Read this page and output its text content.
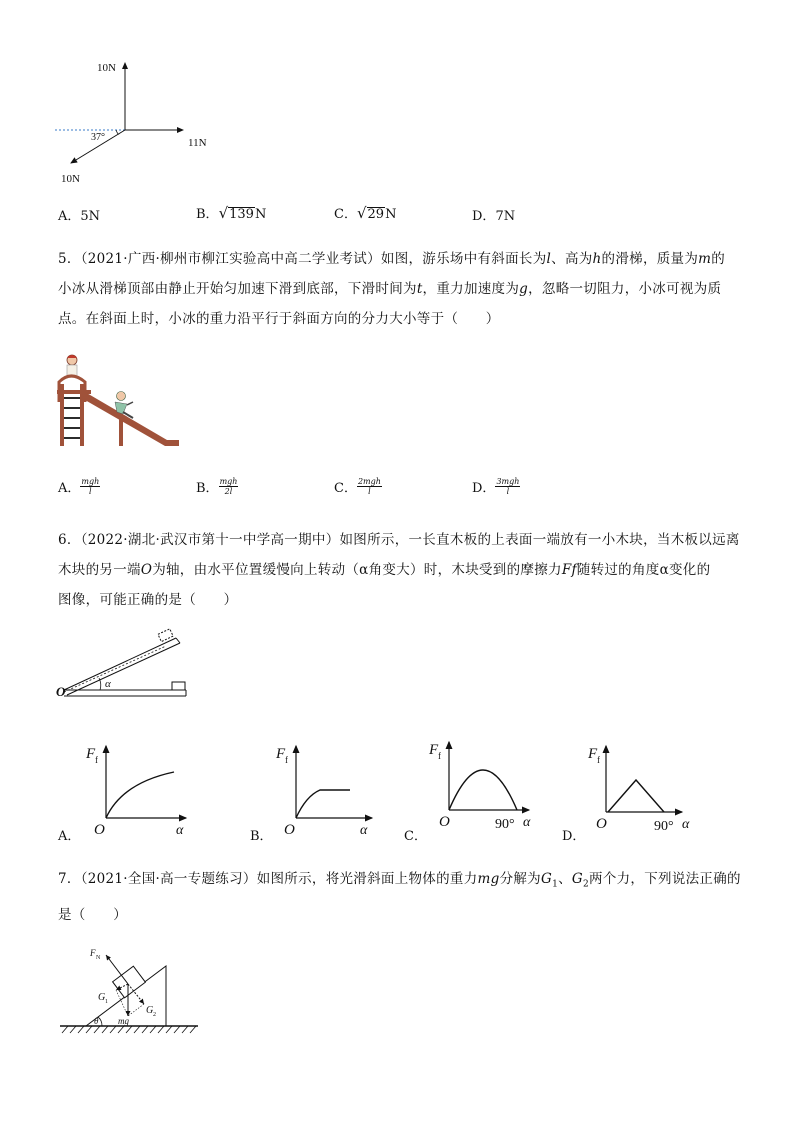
10N
11N
10N
37°
A．5N	B．√139N	C．√29N	D．7N
5．（2021·广西·柳州市柳江实验高中高二学业考试）如图，游乐场中有斜面长为l、高为h的滑梯，质量为m的
小冰从滑梯顶部由静止开始匀加速下滑到底部，下滑时间为t，重力加速度为g，忽略一切阻力，小冰可视为质
点。在斜面上时，小冰的重力沿平行于斜面方向的分力大小等于（　　）
A． $\frac{\text{mgh}}{l}$	B． $\frac{\text{mgh}}{2l}$	C． $\frac{\text{2mgh}}{l}$	D． $\frac{\text{3mgh}}{l}$
6．（2022·湖北·武汉市第十一中学高一期中）如图所示，一长直木板的上表面一端放有一小木块，当木板以远离
木块的另一端O为轴，由水平位置缓慢向上转动（α角变大）时，木块受到的摩擦力Ff随转过的角度α变化的
图像，可能正确的是（　　）
O	α
A．
F f
O	α	B．
F f
O	α	C．
F f
O	90° α
D．
F f
O	90° α
7．（2021·全国·高一专题练习）如图所示，将光滑斜面上物体的重力mg分解为$G_1$、$G_2$两个力，下列说法正确的
是（　　）
F N
G 1
G 2
mg
θ
